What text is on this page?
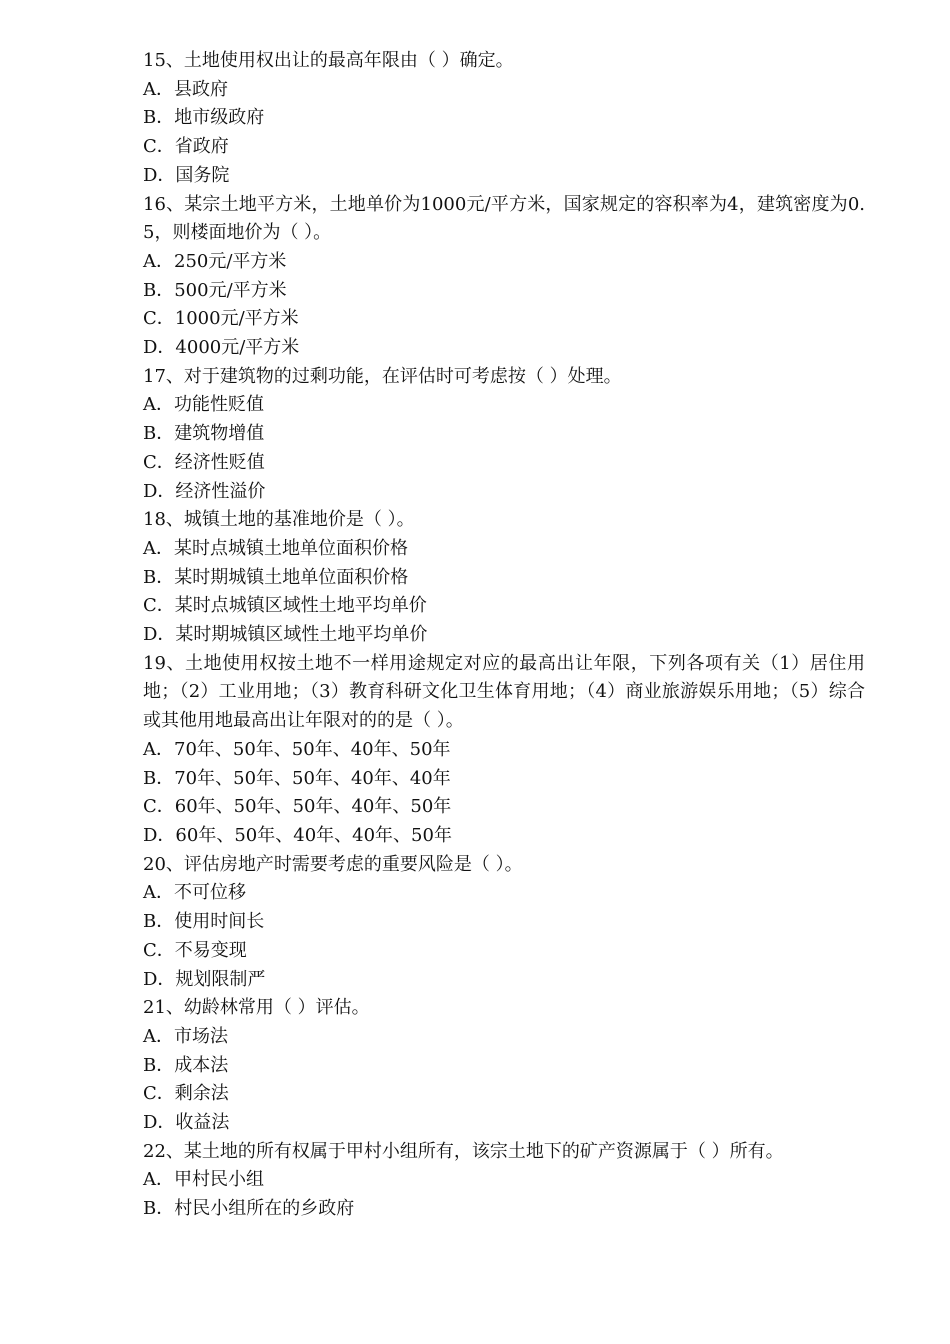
15、土地使用权出让的最高年限由（ ）确定。

A．县政府

B．地市级政府

C．省政府

D．国务院

16、某宗土地平方米，土地单价为1000元/平方米，国家规定的容积率为4，建筑密度为0.5，则楼面地价为（ ）。

A．250元/平方米

B．500元/平方米

C．1000元/平方米

D．4000元/平方米

17、对于建筑物的过剩功能，在评估时可考虑按（ ）处理。

A．功能性贬值

B．建筑物增值

C．经济性贬值

D．经济性溢价

18、城镇土地的基准地价是（ ）。

A．某时点城镇土地单位面积价格

B．某时期城镇土地单位面积价格

C．某时点城镇区域性土地平均单价

D．某时期城镇区域性土地平均单价

19、土地使用权按土地不一样用途规定对应的最高出让年限，下列各项有关（1）居住用地；（2）工业用地；（3）教育科研文化卫生体育用地；（4）商业旅游娱乐用地；（5）综合或其他用地最高出让年限对的的是（ ）。

A．70年、50年、50年、40年、50年

B．70年、50年、50年、40年、40年

C．60年、50年、50年、40年、50年

D．60年、50年、40年、40年、50年

20、评估房地产时需要考虑的重要风险是（ ）。

A．不可位移

B．使用时间长

C．不易变现

D．规划限制严

21、幼龄林常用（ ）评估。

A．市场法

B．成本法

C．剩余法

D．收益法

22、某土地的所有权属于甲村小组所有，该宗土地下的矿产资源属于（ ）所有。

A．甲村民小组

B．村民小组所在的乡政府
